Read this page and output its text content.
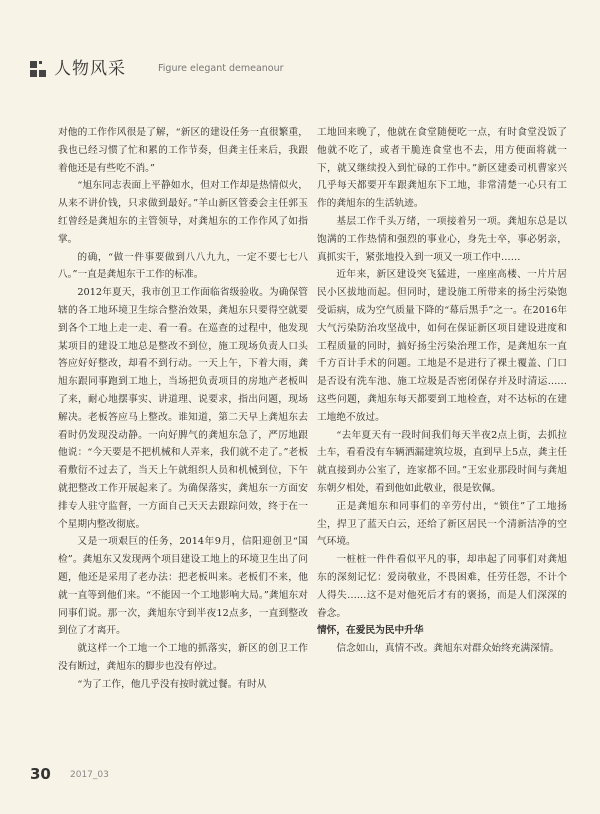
人物风采	Figure elegant demeanour

对他的工作作风很是了解，“新区的建设任务一直很繁重，我也已经习惯了忙和累的工作节奏，但龚主任来后，我跟着他还是有些吃不消。”

“旭东同志表面上平静如水，但对工作却是热情似火，从来不讲价钱，只求做到最好。”羊山新区管委会主任郭玉红曾经是龚旭东的主管领导，对龚旭东的工作作风了如指掌。

的确，“做一件事要做到八八九九，一定不要七七八八。”一直是龚旭东干工作的标准。

2012年夏天，我市创卫工作面临省级验收。为确保管辖的各工地环境卫生综合整治效果，龚旭东只要得空就要到各个工地上走一走、看一看。在巡查的过程中，他发现某项目的建设工地总是整改不到位，施工现场负责人口头答应好好整改，却看不到行动。一天上午，下着大雨，龚旭东跟同事跑到工地上，当场把负责项目的房地产老板叫了来，耐心地摆事实、讲道理、说要求，指出问题，现场解决。老板答应马上整改。谁知道，第二天早上龚旭东去看时仍发现没动静。一向好脾气的龚旭东急了，严厉地跟他说：“今天要是不把机械和人弄来，我们就不走了。”老板看敷衍不过去了，当天上午就组织人员和机械到位，下午就把整改工作开展起来了。为确保落实，龚旭东一方面安排专人驻守监督，一方面自己天天去跟踪问效，终于在一个星期内整改彻底。

又是一项艰巨的任务，2014年9月，信阳迎创卫“国检”。龚旭东又发现两个项目建设工地上的环境卫生出了问题，他还是采用了老办法：把老板叫来。老板们不来，他就一直等到他们来。“不能因一个工地影响大局。”龚旭东对同事们说。那一次，龚旭东守到半夜12点多，一直到整改到位了才离开。

就这样一个工地一个工地的抓落实，新区的创卫工作没有断过，龚旭东的脚步也没有停过。

“为了工作，他几乎没有按时就过餐。有时从

工地回来晚了，他就在食堂随便吃一点，有时食堂没饭了他就不吃了，或者干脆连食堂也不去，用方便面将就一下，就又继续投入到忙碌的工作中。”新区建委司机曹家兴几乎每天都要开车跟龚旭东下工地，非常清楚一心只有工作的龚旭东的生活轨迹。

基层工作千头万绪，一项接着另一项。龚旭东总是以饱满的工作热情和强烈的事业心，身先士卒，事必躬亲，真抓实干，紧张地投入到一项又一项工作中……

近年来，新区建设突飞猛进，一座座高楼、一片片居民小区拔地而起。但同时，建设施工所带来的扬尘污染饱受诟病，成为空气质量下降的“幕后黑手”之一。在2016年大气污染防治攻坚战中，如何在保证新区项目建设进度和工程质量的同时，搞好扬尘污染治理工作，是龚旭东一直千方百计手术的问题。工地是不是进行了裸土覆盖、门口是否设有洗车池、施工垃圾是否密闭保存并及时清运……这些问题，龚旭东每天都要到工地检查，对不达标的在建工地绝不放过。

“去年夏天有一段时间我们每天半夜2点上街，去抓拉土车，看看没有车辆洒漏建筑垃圾，直到早上5点，龚主任就直接到办公室了，连家都不回。”王宏业那段时间与龚旭东朝夕相处，看到他如此敬业，很是钦佩。

正是龚旭东和同事们的辛劳付出，“锁住”了工地扬尘，捍卫了蓝天白云，还给了新区居民一个清新洁净的空气环境。

一桩桩一件件看似平凡的事，却串起了同事们对龚旭东的深刻记忆：爱岗敬业，不畏困难，任劳任怨，不计个人得失……这不是对他死后才有的褒扬，而是人们深深的眷念。

情怀，在爱民为民中升华

信念如山，真情不改。龚旭东对群众始终充满深情。

30 2017_03
